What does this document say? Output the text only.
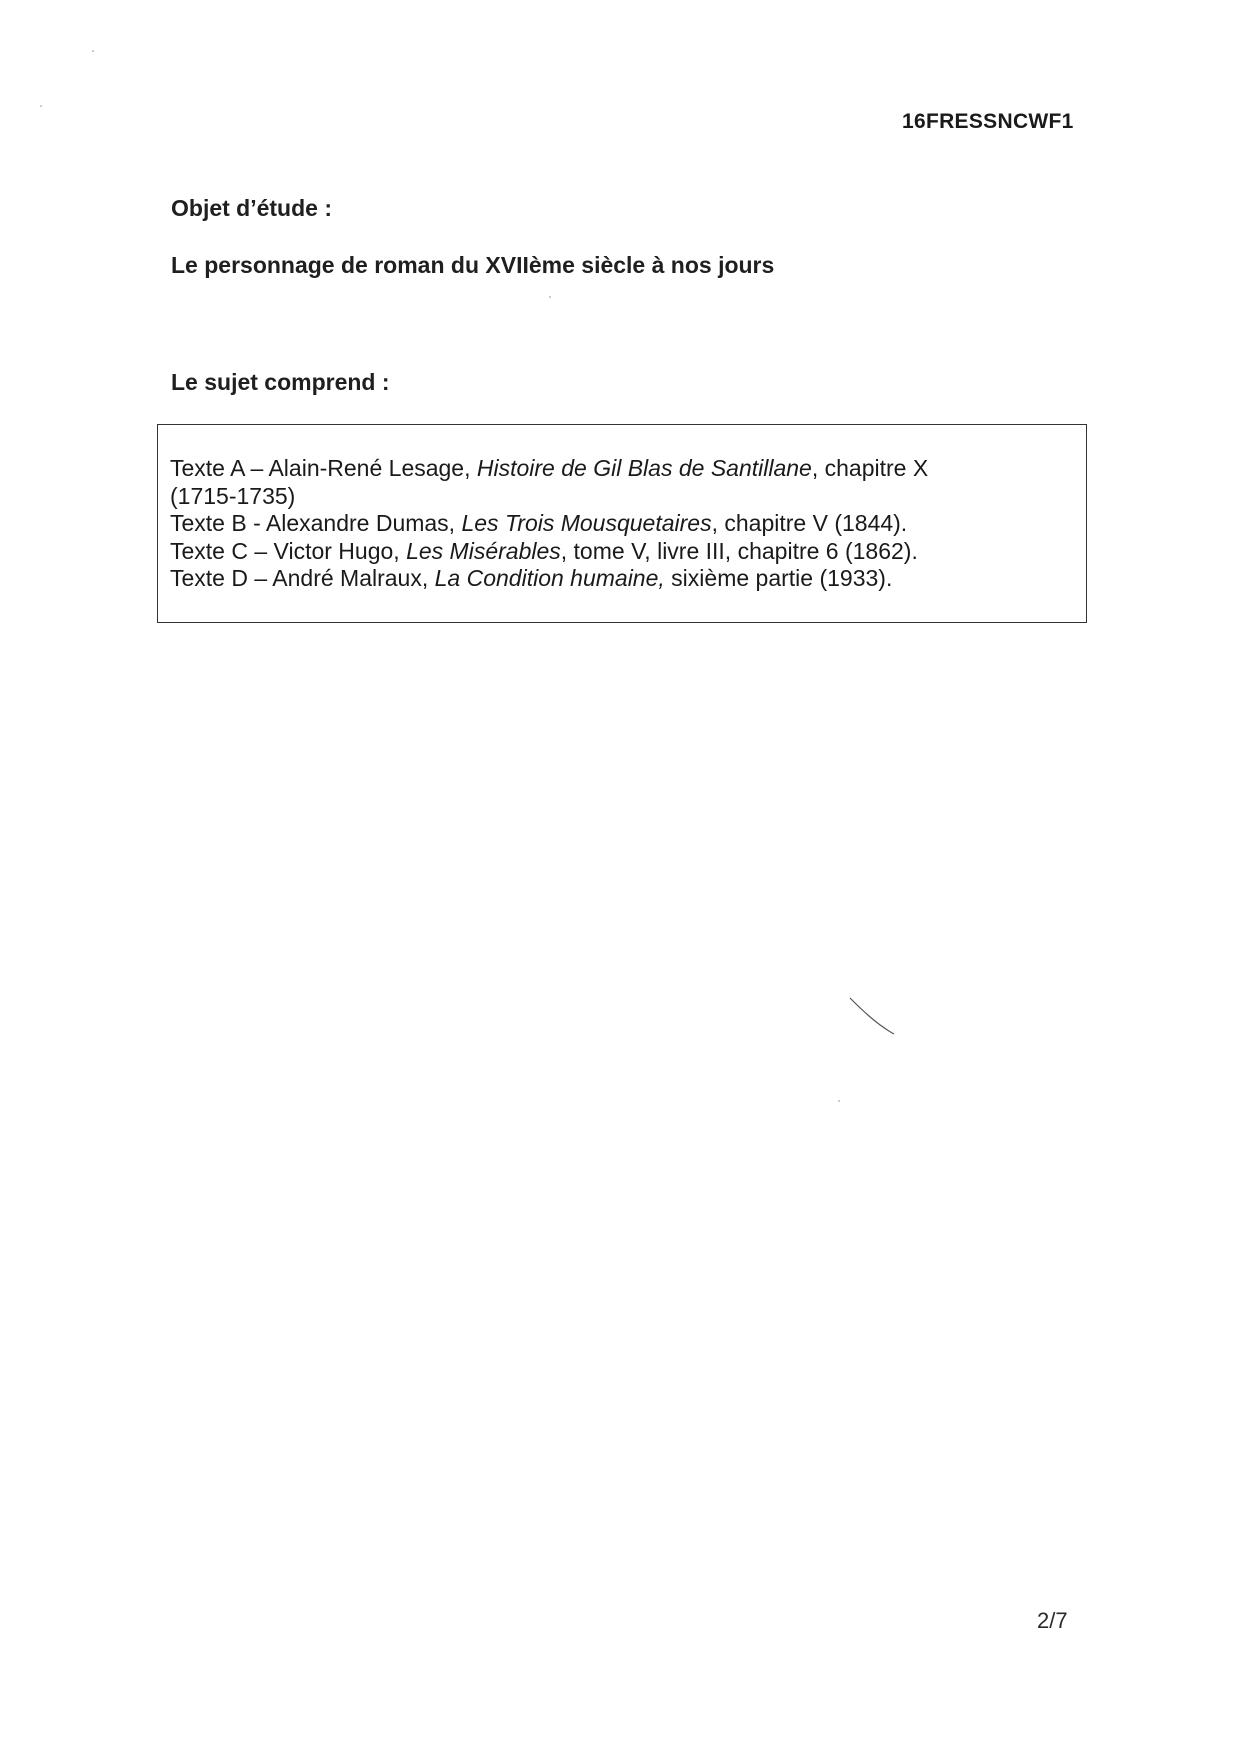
16FRESSNCWF1
Objet d’étude :
Le personnage de roman du XVIIème siècle à nos jours
Le sujet comprend :

Texte A – Alain-René Lesage, Histoire de Gil Blas de Santillane, chapitre X

(1715-1735)

Texte B - Alexandre Dumas, Les Trois Mousquetaires, chapitre V (1844).

Texte C – Victor Hugo, Les Misérables, tome V, livre III, chapitre 6 (1862).

Texte D – André Malraux, La Condition humaine, sixième partie (1933).

2/7
